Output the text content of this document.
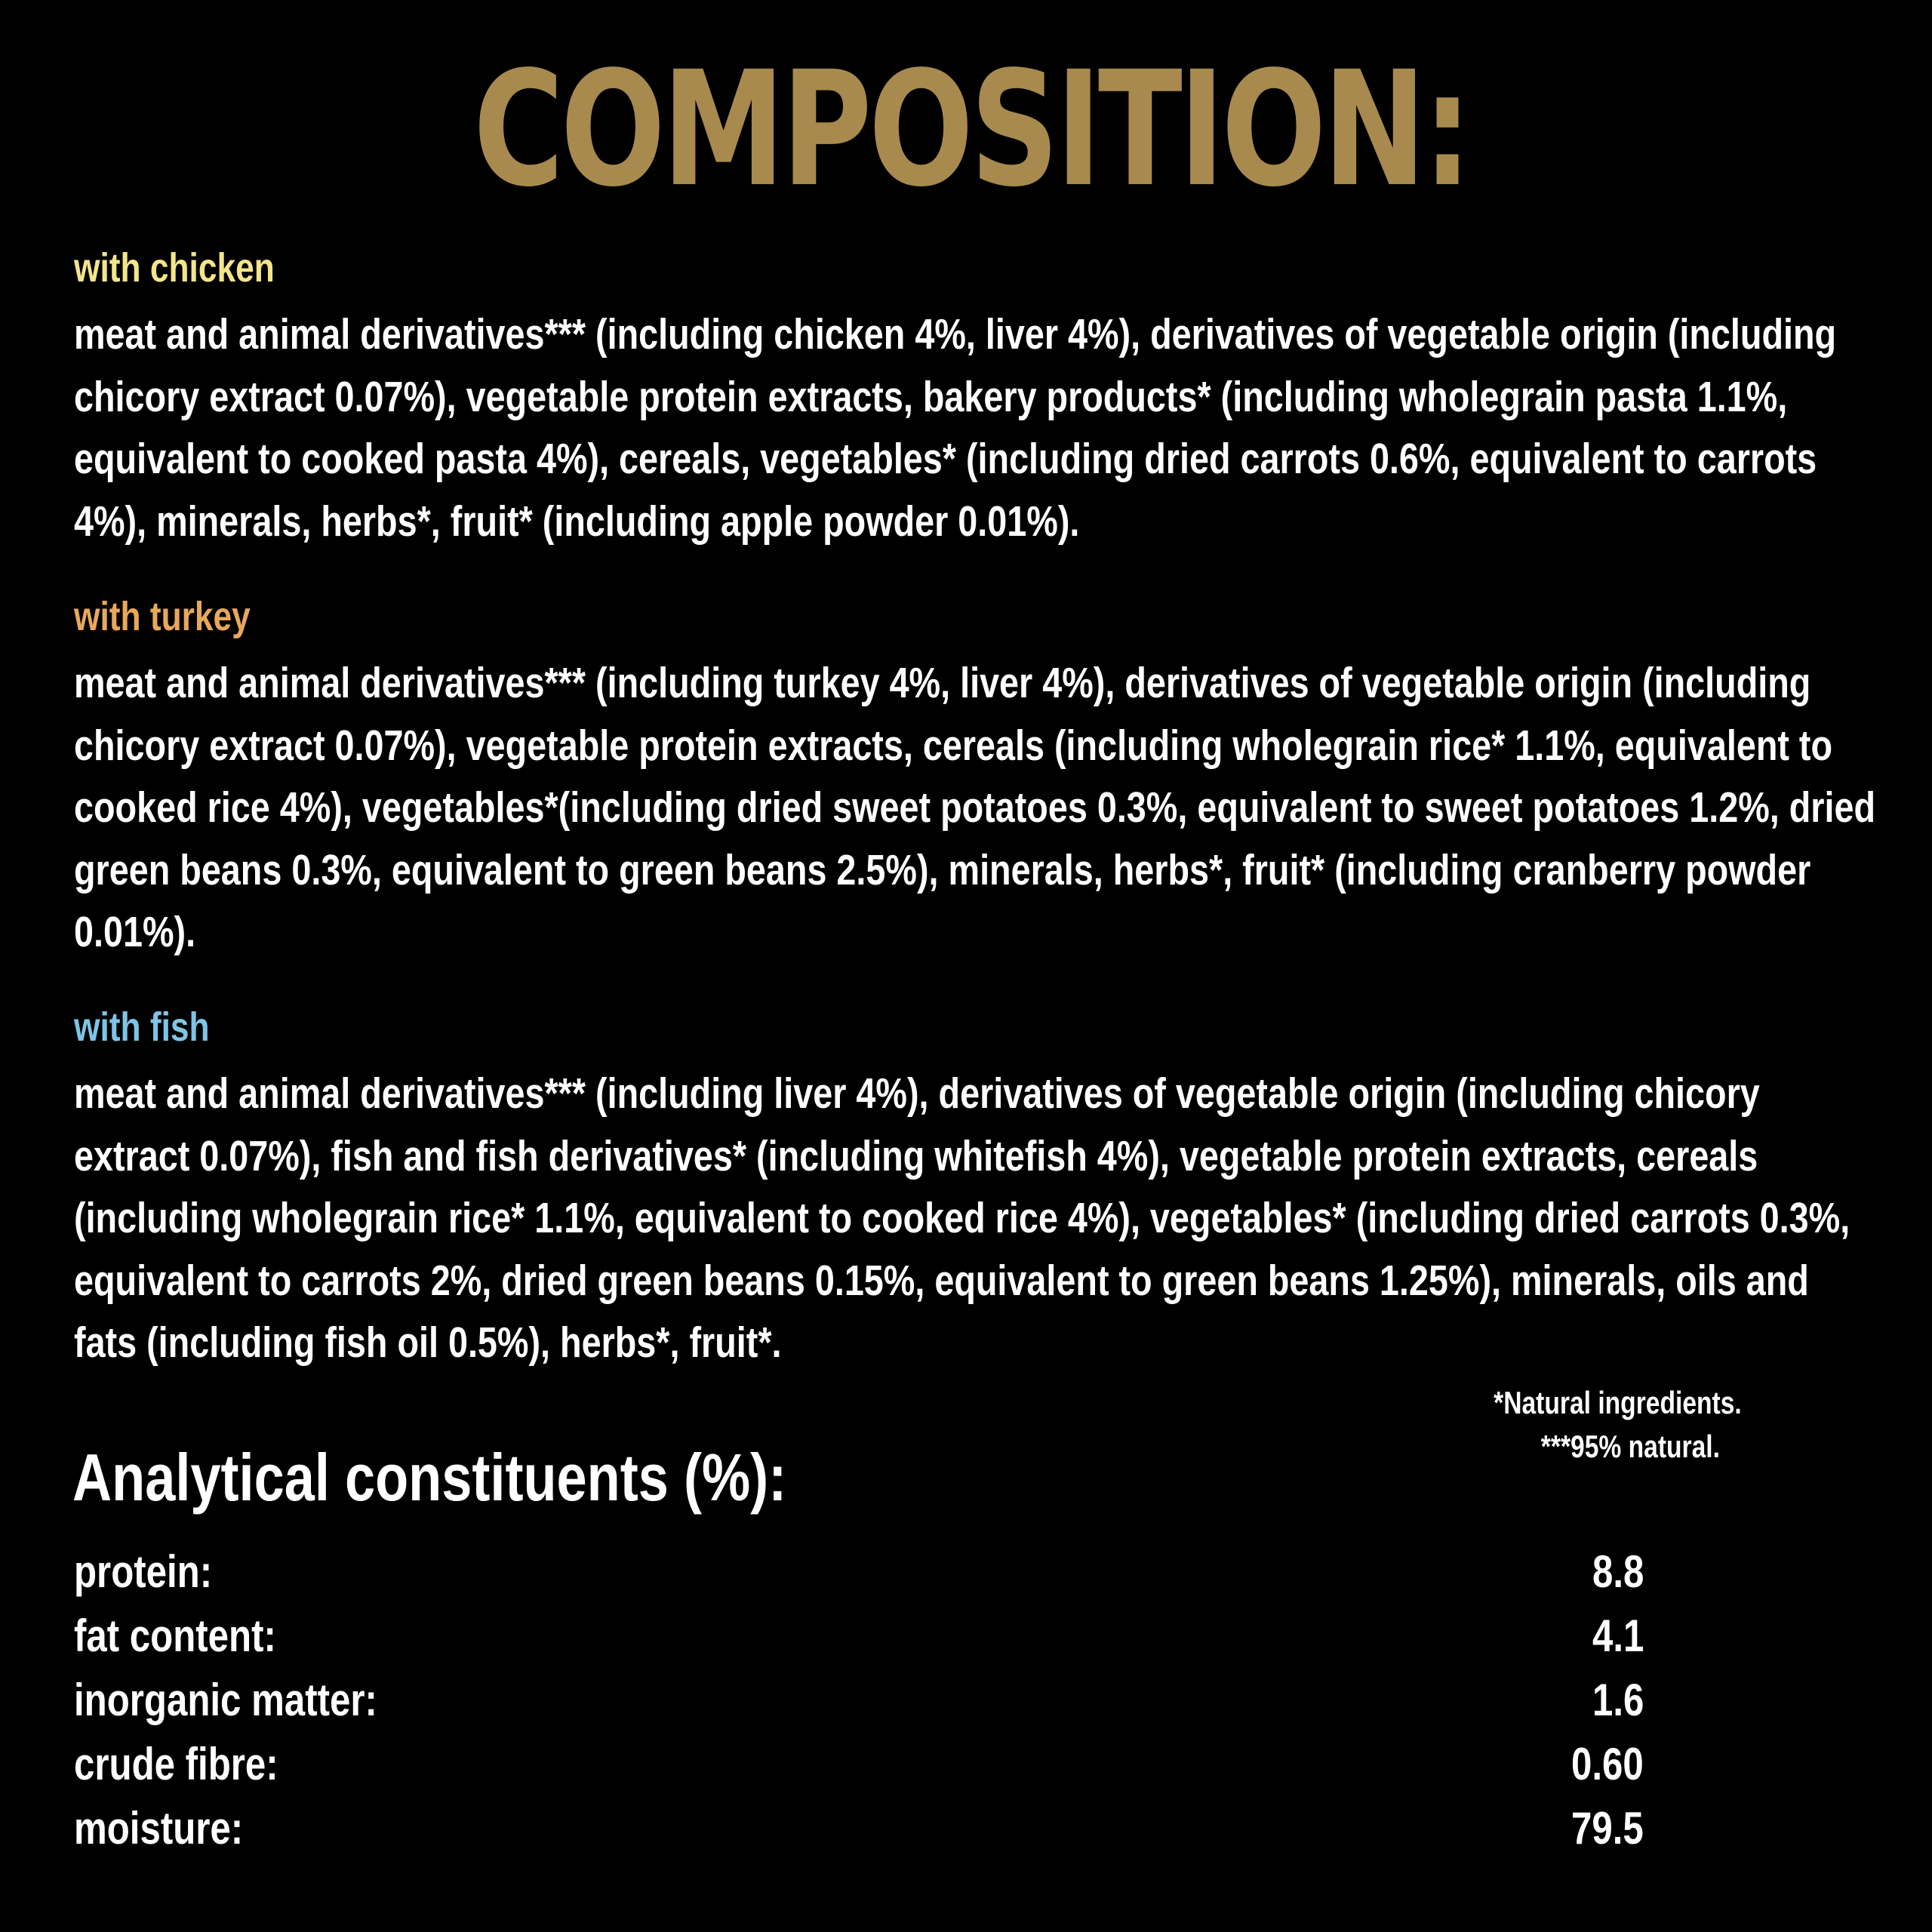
COMPOSITION:
with chicken
meat and animal derivatives*** (including chicken 4%, liver 4%), derivatives of vegetable origin (including chicory extract 0.07%), vegetable protein extracts, bakery products* (including wholegrain pasta 1.1%, equivalent to cooked pasta 4%), cereals, vegetables* (including dried carrots 0.6%, equivalent to carrots 4%), minerals, herbs*, fruit* (including apple powder 0.01%).
with turkey
meat and animal derivatives*** (including turkey 4%, liver 4%), derivatives of vegetable origin (including chicory extract 0.07%), vegetable protein extracts, cereals (including wholegrain rice* 1.1%, equivalent to cooked rice 4%), vegetables*(including dried sweet potatoes 0.3%, equivalent to sweet potatoes 1.2%, dried green beans 0.3%, equivalent to green beans 2.5%), minerals, herbs*, fruit* (including cranberry powder 0.01%).
with fish
meat and animal derivatives*** (including liver 4%), derivatives of vegetable origin (including chicory extract 0.07%), fish and fish derivatives* (including whitefish 4%), vegetable protein extracts, cereals (including wholegrain rice* 1.1%, equivalent to cooked rice 4%), vegetables* (including dried carrots 0.3%, equivalent to carrots 2%, dried green beans 0.15%, equivalent to green beans 1.25%), minerals, oils and fats (including fish oil 0.5%), herbs*, fruit*.
*Natural ingredients.
***95% natural.
Analytical constituents (%):
protein:	8.8
fat content:	4.1
inorganic matter:	1.6
crude fibre:	0.60
moisture:	79.5
